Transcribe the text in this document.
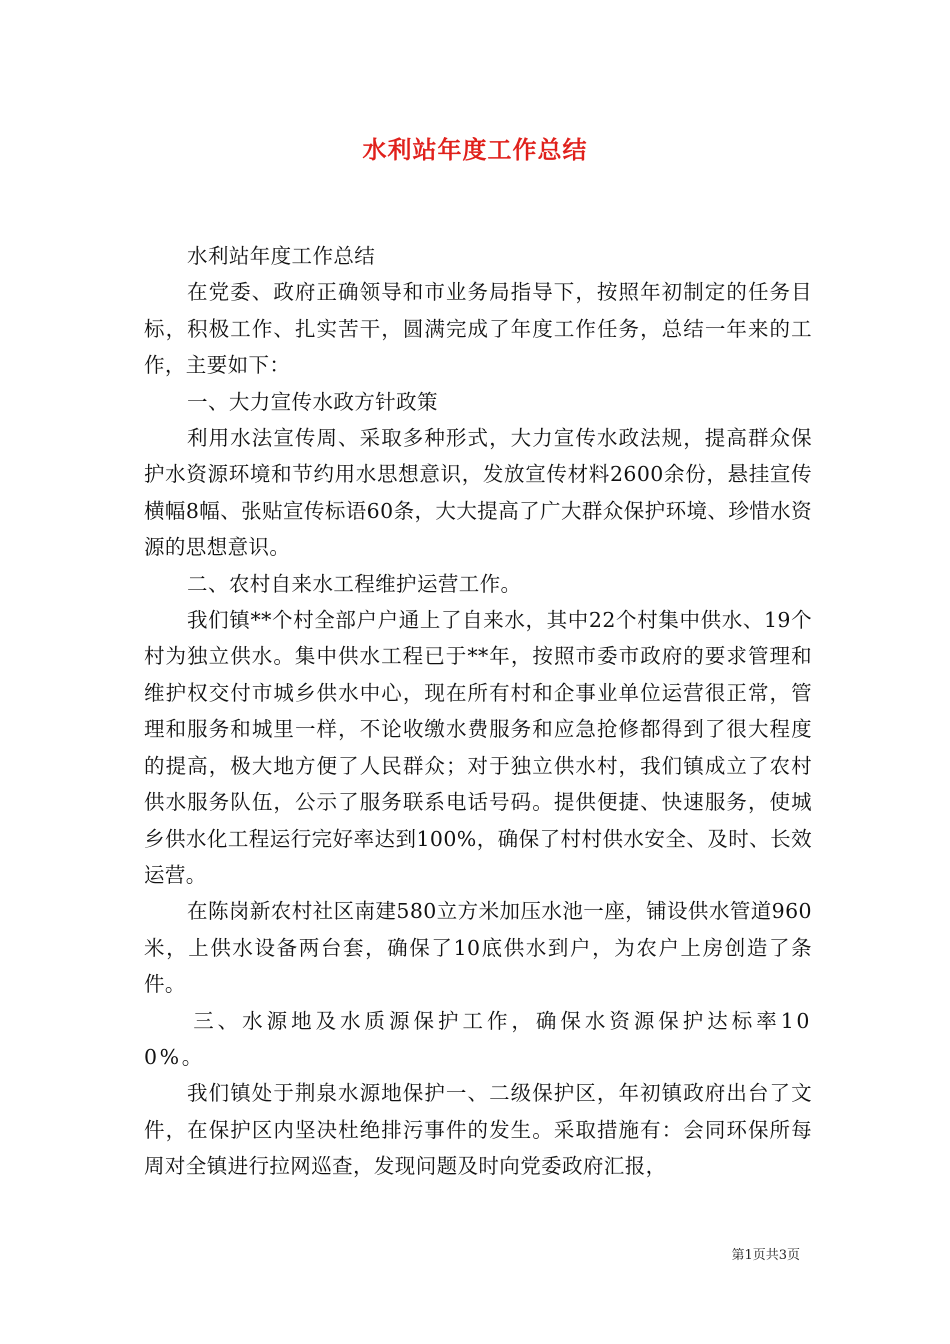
水利站年度工作总结

水利站年度工作总结

在党委、政府正确领导和市业务局指导下，按照年初制定的任务目标，积极工作、扎实苦干，圆满完成了年度工作任务，总结一年来的工作，主要如下：

一、大力宣传水政方针政策

利用水法宣传周、采取多种形式，大力宣传水政法规，提高群众保护水资源环境和节约用水思想意识，发放宣传材料2600余份，悬挂宣传横幅8幅、张贴宣传标语60条，大大提高了广大群众保护环境、珍惜水资源的思想意识。

二、农村自来水工程维护运营工作。

我们镇**个村全部户户通上了自来水，其中22个村集中供水、19个村为独立供水。集中供水工程已于**年，按照市委市政府的要求管理和维护权交付市城乡供水中心，现在所有村和企事业单位运营很正常，管理和服务和城里一样，不论收缴水费服务和应急抢修都得到了很大程度的提高，极大地方便了人民群众；对于独立供水村，我们镇成立了农村供水服务队伍，公示了服务联系电话号码。提供便捷、快速服务，使城乡供水化工程运行完好率达到100%，确保了村村供水安全、及时、长效运营。

在陈岗新农村社区南建580立方米加压水池一座，铺设供水管道960米，上供水设备两台套，确保了10底供水到户，为农户上房创造了条件。

三、水源地及水质源保护工作，确保水资源保护达标率100%。

我们镇处于荆泉水源地保护一、二级保护区，年初镇政府出台了文件，在保护区内坚决杜绝排污事件的发生。采取措施有：会同环保所每周对全镇进行拉网巡查，发现问题及时向党委政府汇报，

第1页共3页
